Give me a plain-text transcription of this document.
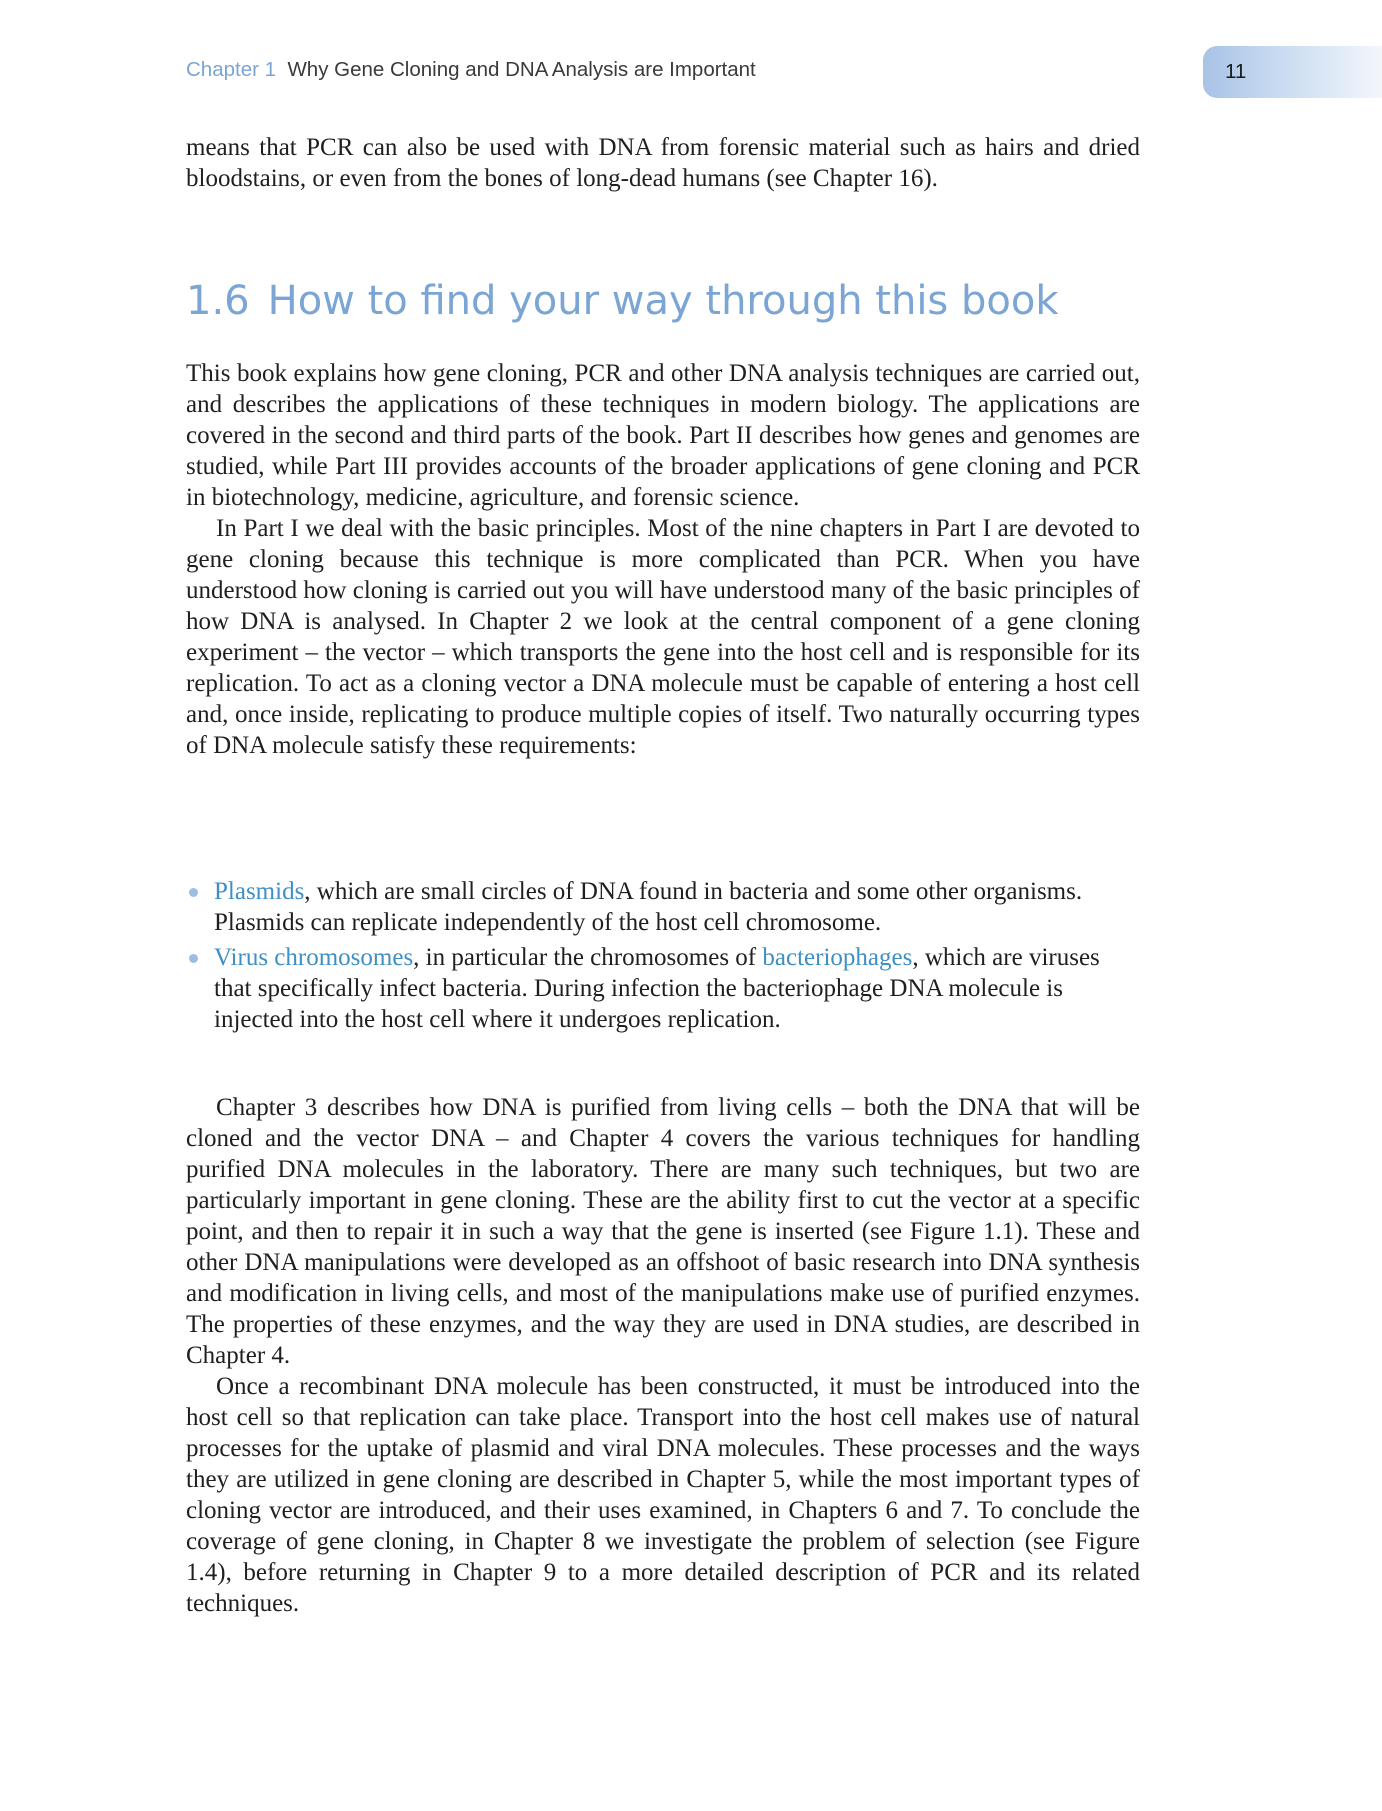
Chapter 1 Why Gene Cloning and DNA Analysis are Important	11

means that PCR can also be used with DNA from forensic material such as hairs and dried bloodstains, or even from the bones of long-dead humans (see Chapter 16).

1.6 How to find your way through this book

This book explains how gene cloning, PCR and other DNA analysis techniques are carried out, and describes the applications of these techniques in modern biology. The applications are covered in the second and third parts of the book. Part II describes how genes and genomes are studied, while Part III provides accounts of the broader applications of gene cloning and PCR in biotechnology, medicine, agriculture, and forensic science.

In Part I we deal with the basic principles. Most of the nine chapters in Part I are devoted to gene cloning because this technique is more complicated than PCR. When you have understood how cloning is carried out you will have understood many of the basic principles of how DNA is analysed. In Chapter 2 we look at the central component of a gene cloning experiment – the vector – which transports the gene into the host cell and is responsible for its replication. To act as a cloning vector a DNA molecule must be capable of entering a host cell and, once inside, replicating to produce multiple copies of itself. Two naturally occurring types of DNA molecule satisfy these requirements:

Plasmids, which are small circles of DNA found in bacteria and some other organisms. Plasmids can replicate independently of the host cell chromosome.
Virus chromosomes, in particular the chromosomes of bacteriophages, which are viruses that specifically infect bacteria. During infection the bacteriophage DNA molecule is injected into the host cell where it undergoes replication.

Chapter 3 describes how DNA is purified from living cells – both the DNA that will be cloned and the vector DNA – and Chapter 4 covers the various techniques for handling purified DNA molecules in the laboratory. There are many such techniques, but two are particularly important in gene cloning. These are the ability first to cut the vector at a specific point, and then to repair it in such a way that the gene is inserted (see Figure 1.1). These and other DNA manipulations were developed as an offshoot of basic research into DNA synthesis and modification in living cells, and most of the manipulations make use of purified enzymes. The properties of these enzymes, and the way they are used in DNA studies, are described in Chapter 4.

Once a recombinant DNA molecule has been constructed, it must be introduced into the host cell so that replication can take place. Transport into the host cell makes use of natural processes for the uptake of plasmid and viral DNA molecules. These processes and the ways they are utilized in gene cloning are described in Chapter 5, while the most important types of cloning vector are introduced, and their uses examined, in Chapters 6 and 7. To conclude the coverage of gene cloning, in Chapter 8 we investigate the problem of selection (see Figure 1.4), before returning in Chapter 9 to a more detailed description of PCR and its related techniques.
